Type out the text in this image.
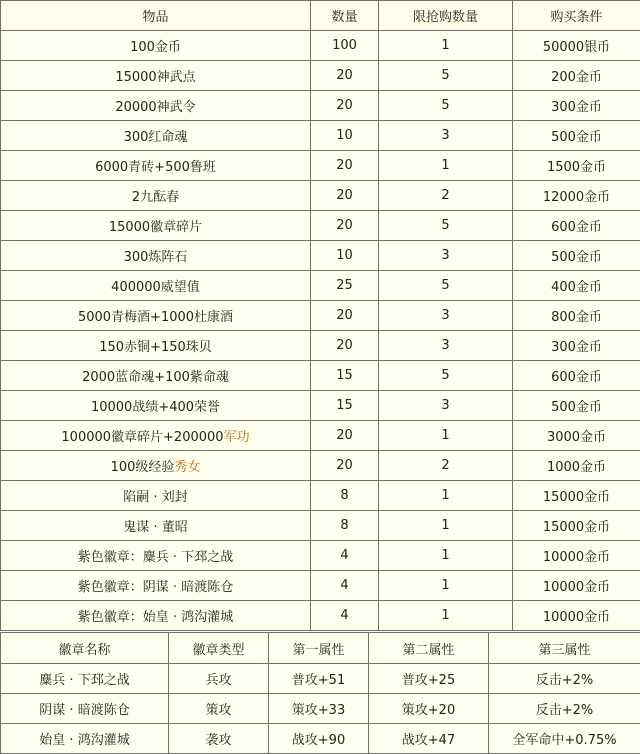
物品	数量	限抢购数量	购买条件
100金币	100	1	50000银币
15000神武点	20	5	200金币
20000神武令	20	5	300金币
300红命魂	10	3	500金币
6000青砖+500鲁班	20	1	1500金币
2九酝春	20	2	12000金币
15000徽章碎片	20	5	600金币
300炼阵石	10	3	500金币
400000威望值	25	5	400金币
5000青梅酒+1000杜康酒	20	3	800金币
150赤铜+150珠贝	20	3	300金币
2000蓝命魂+100紫命魂	15	5	600金币
10000战绩+400荣誉	15	3	500金币
100000徽章碎片+200000军功	20	1	3000金币
100级经验秀女	20	2	1000金币
陷嗣 · 刘封	8	1	15000金币
鬼谋 · 董昭	8	1	15000金币
紫色徽章：麋兵 · 下邳之战	4	1	10000金币
紫色徽章：阴谋 · 暗渡陈仓	4	1	10000金币
紫色徽章：始皇 · 鸿沟灌城	4	1	10000金币
徽章名称	徽章类型	第一属性	第二属性	第三属性
麋兵 · 下邳之战	兵攻	普攻+51	普攻+25	反击+2%
阴谋 · 暗渡陈仓	策攻	策攻+33	策攻+20	反击+2%
始皇 · 鸿沟灌城	袭攻	战攻+90	战攻+47	全军命中+0.75%
